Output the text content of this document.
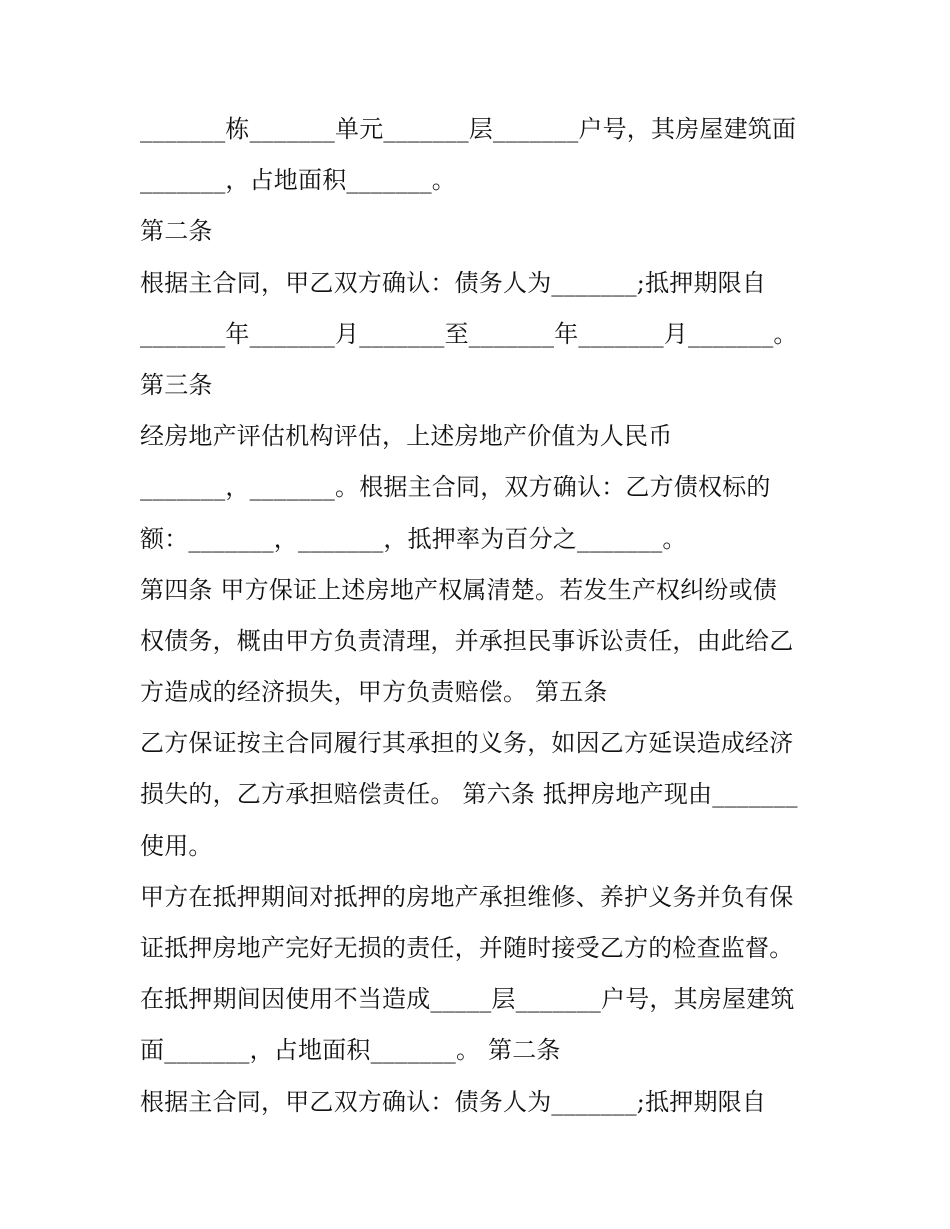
_______栋_______单元_______层_______户号，其房屋建筑面
_______，占地面积_______。
第二条
根据主合同，甲乙双方确认：债务人为_______;抵押期限自
_______年_______月_______至_______年_______月_______。
第三条
经房地产评估机构评估，上述房地产价值为人民币
_______，_______。根据主合同，双方确认：乙方债权标的
额：_______，_______，抵押率为百分之_______。
第四条 甲方保证上述房地产权属清楚。若发生产权纠纷或债
权债务，概由甲方负责清理，并承担民事诉讼责任，由此给乙
方造成的经济损失，甲方负责赔偿。 第五条
乙方保证按主合同履行其承担的义务，如因乙方延误造成经济
损失的，乙方承担赔偿责任。 第六条 抵押房地产现由_______
使用。
甲方在抵押期间对抵押的房地产承担维修、养护义务并负有保
证抵押房地产完好无损的责任，并随时接受乙方的检查监督。
在抵押期间因使用不当造成_____层_______户号，其房屋建筑
面_______，占地面积_______。 第二条
根据主合同，甲乙双方确认：债务人为_______;抵押期限自
